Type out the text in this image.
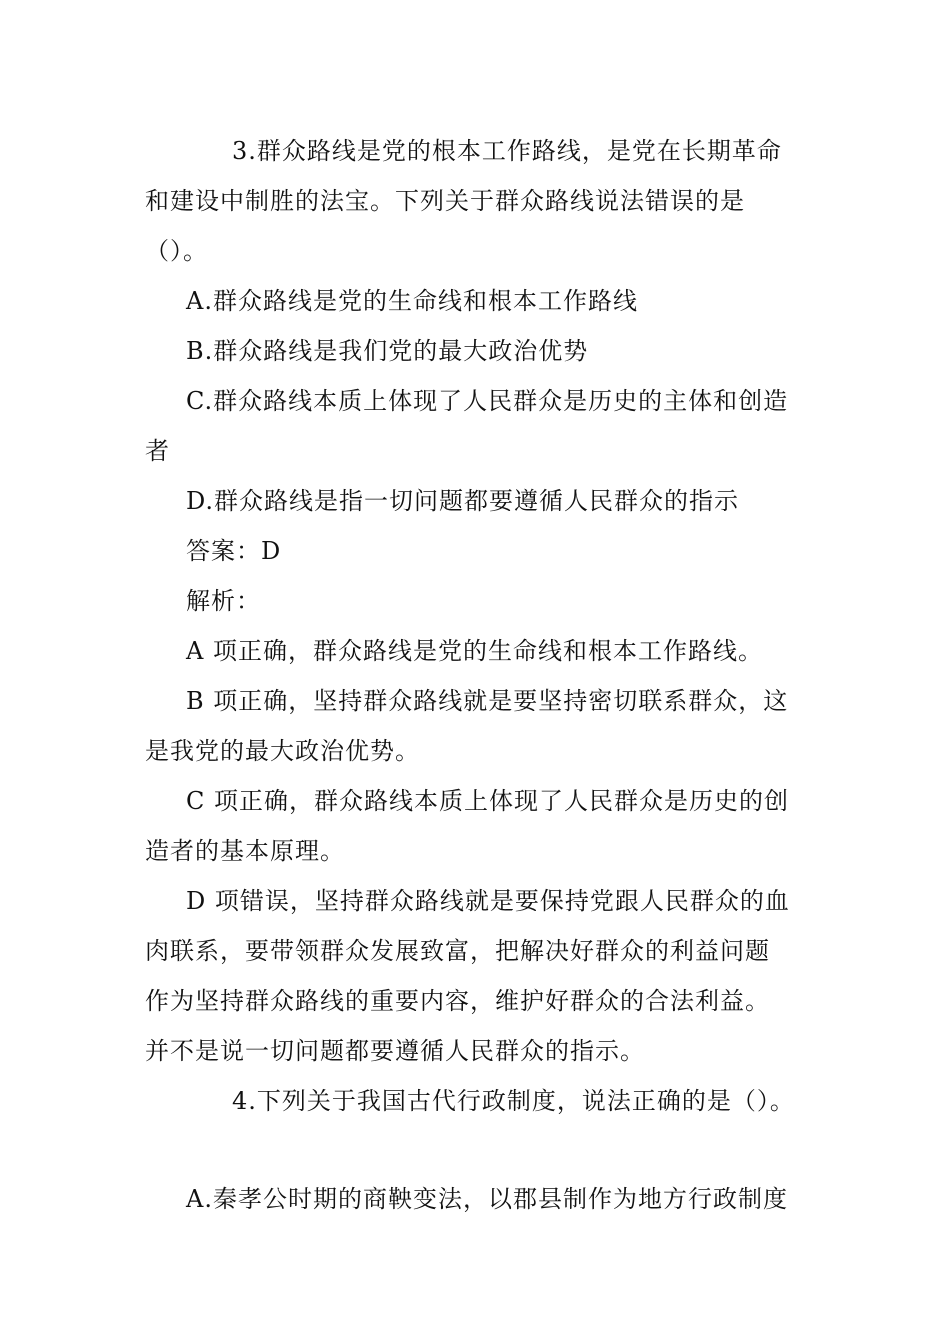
3.群众路线是党的根本工作路线，是党在长期革命
和建设中制胜的法宝。下列关于群众路线说法错误的是
（）。
A.群众路线是党的生命线和根本工作路线
B.群众路线是我们党的最大政治优势
C.群众路线本质上体现了人民群众是历史的主体和创造
者
D.群众路线是指一切问题都要遵循人民群众的指示
答案：D
解析：
A 项正确，群众路线是党的生命线和根本工作路线。
B 项正确，坚持群众路线就是要坚持密切联系群众，这
是我党的最大政治优势。
C 项正确，群众路线本质上体现了人民群众是历史的创
造者的基本原理。
D 项错误，坚持群众路线就是要保持党跟人民群众的血
肉联系，要带领群众发展致富，把解决好群众的利益问题
作为坚持群众路线的重要内容，维护好群众的合法利益。
并不是说一切问题都要遵循人民群众的指示。
4.下列关于我国古代行政制度，说法正确的是（）。
A.秦孝公时期的商鞅变法，以郡县制作为地方行政制度
